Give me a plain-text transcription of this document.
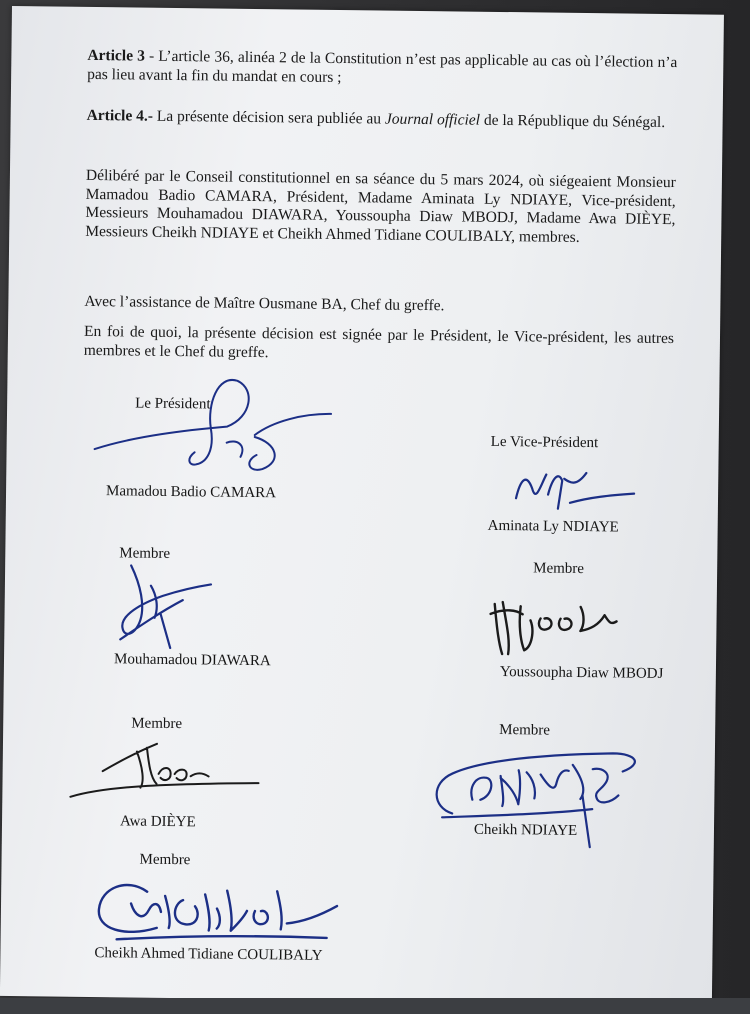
Article 3 - L’article 36, alinéa 2 de la Constitution n’est pas applicable au cas où l’élection n’a pas lieu avant la fin du mandat en cours ;

Article 4.- La présente décision sera publiée au Journal officiel de la République du Sénégal.

Délibéré par le Conseil constitutionnel en sa séance du 5 mars 2024, où siégeaient Monsieur Mamadou Badio CAMARA, Président, Madame Aminata Ly NDIAYE, Vice-président, Messieurs Mouhamadou DIAWARA, Youssoupha Diaw MBODJ, Madame Awa DIÈYE, Messieurs Cheikh NDIAYE et Cheikh Ahmed Tidiane COULIBALY, membres.

Avec l’assistance de Maître Ousmane BA, Chef du greffe.

En foi de quoi, la présente décision est signée par le Président, le Vice-président, les autres membres et le Chef du greffe.

Le Président
Mamadou Badio CAMARA
Le Vice-Président
Aminata Ly NDIAYE
Membre
Mouhamadou DIAWARA
Membre
Youssoupha Diaw MBODJ
Membre
Awa DIÈYE
Membre
Cheikh NDIAYE
Membre
Cheikh Ahmed Tidiane COULIBALY
